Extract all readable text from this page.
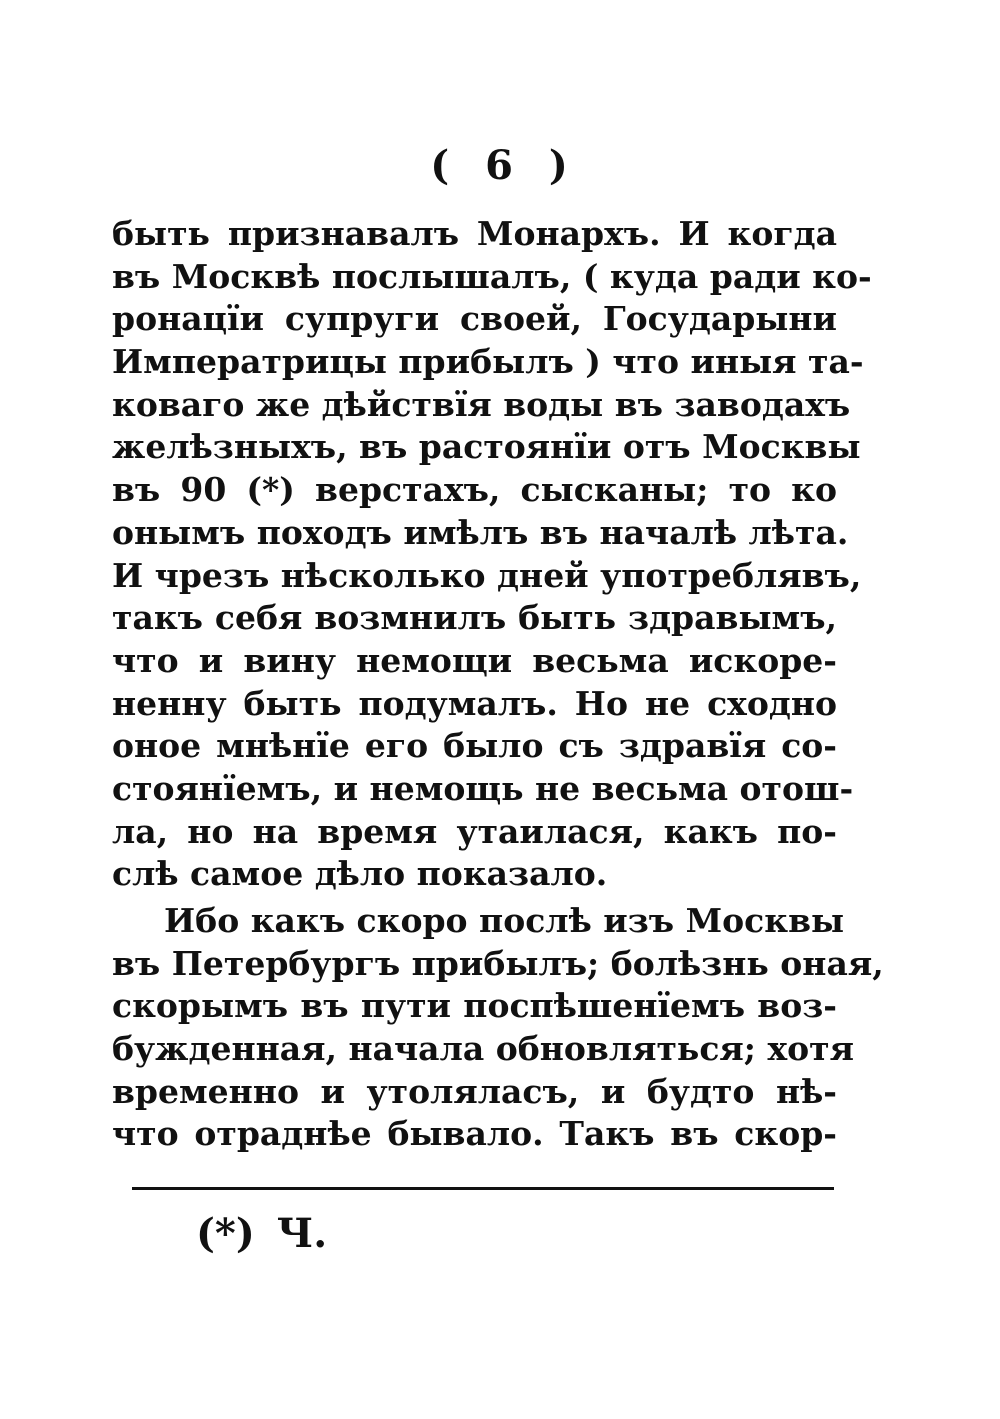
( 6 )
быть признавалъ Монархъ. И когда
въ Москвѣ послышалъ, ( куда ради ко-
ронацїи супруги своей, Государыни
Императрицы прибылъ ) что иныя та-
коваго же дѣйствїя воды въ заводахъ
желѣзныхъ, въ растоянїи отъ Москвы
въ 90 (*) верстахъ, сысканы; то ко
онымъ походъ имѣлъ въ началѣ лѣта.
И чрезъ нѣсколько дней употреблявъ,
такъ себя возмнилъ быть здравымъ,
что и вину немощи весьма искоре-
ненну быть подумалъ. Но не сходно
оное мнѣнїе его было съ здравїя со-
стоянїемъ, и немощь не весьма отош-
ла, но на время утаилася, какъ по-
слѣ самое дѣло показало.
Ибо какъ скоро послѣ изъ Москвы
въ Петербургъ прибылъ; болѣзнь оная,
скорымъ въ пути поспѣшенїемъ воз-
бужденная, начала обновляться; хотя
временно и утоляласъ, и будто нѣ-
что отраднѣе бывало. Такъ въ скор-
(*) Ч.
